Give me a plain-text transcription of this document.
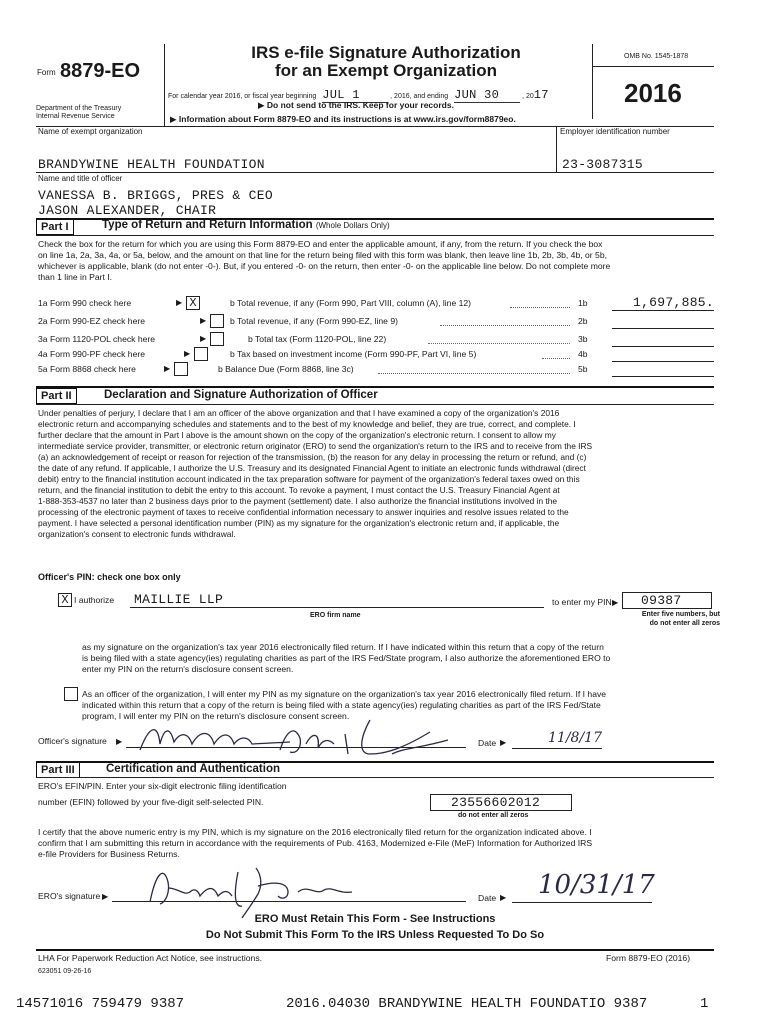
Form 8879-EO
IRS e-file Signature Authorization
for an Exempt Organization
OMB No. 1545-1878
2016
For calendar year 2016, or fiscal year beginning JUL 1	, 2016, and ending JUN 30	, 2017
▶ Do not send to the IRS. Keep for your records.
▶ Information about Form 8879-EO and its instructions is at www.irs.gov/form8879eo.
Department of the Treasury
Internal Revenue Service
Name of exempt organization	Employer identification number
BRANDYWINE HEALTH FOUNDATION	23-3087315
Name and title of officer
VANESSA B. BRIGGS, PRES & CEO
JASON ALEXANDER, CHAIR
Part I	Type of Return and Return Information (Whole Dollars Only)
Check the box for the return for which you are using this Form 8879-EO and enter the applicable amount, if any, from the return. If you check the box
on line 1a, 2a, 3a, 4a, or 5a, below, and the amount on that line for the return being filed with this form was blank, then leave line 1b, 2b, 3b, 4b, or 5b,
whichever is applicable, blank (do not enter -0-). But, if you entered -0- on the return, then enter -0- on the applicable line below. Do not complete more
than 1 line in Part I.
1a Form 990 check here	▶ X	b Total revenue, if any (Form 990, Part VIII, column (A), line 12)	1b	1,697,885.
2a Form 990-EZ check here	▶	b Total revenue, if any (Form 990-EZ, line 9)	2b
3a Form 1120-POL check here	▶	b Total tax (Form 1120-POL, line 22)	3b
4a Form 990-PF check here	▶	b Tax based on investment income (Form 990-PF, Part VI, line 5)	4b
5a Form 8868 check here	▶	b Balance Due (Form 8868, line 3c)	5b
Part II	Declaration and Signature Authorization of Officer
Under penalties of perjury, I declare that I am an officer of the above organization and that I have examined a copy of the organization's 2016
electronic return and accompanying schedules and statements and to the best of my knowledge and belief, they are true, correct, and complete. I
further declare that the amount in Part I above is the amount shown on the copy of the organization's electronic return. I consent to allow my
intermediate service provider, transmitter, or electronic return originator (ERO) to send the organization's return to the IRS and to receive from the IRS
(a) an acknowledgement of receipt or reason for rejection of the transmission, (b) the reason for any delay in processing the return or refund, and (c)
the date of any refund. If applicable, I authorize the U.S. Treasury and its designated Financial Agent to initiate an electronic funds withdrawal (direct
debit) entry to the financial institution account indicated in the tax preparation software for payment of the organization's federal taxes owed on this
return, and the financial institution to debit the entry to this account. To revoke a payment, I must contact the U.S. Treasury Financial Agent at
1-888-353-4537 no later than 2 business days prior to the payment (settlement) date. I also authorize the financial institutions involved in the
processing of the electronic payment of taxes to receive confidential information necessary to answer inquiries and resolve issues related to the
payment. I have selected a personal identification number (PIN) as my signature for the organization's electronic return and, if applicable, the
organization's consent to electronic funds withdrawal.
Officer's PIN: check one box only
X I authorize MAILLIE LLP	to enter my PIN ▶ 09387
ERO firm name	Enter five numbers, but
do not enter all zeros
as my signature on the organization's tax year 2016 electronically filed return. If I have indicated within this return that a copy of the return
is being filed with a state agency(ies) regulating charities as part of the IRS Fed/State program, I also authorize the aforementioned ERO to
enter my PIN on the return's disclosure consent screen.
As an officer of the organization, I will enter my PIN as my signature on the organization's tax year 2016 electronically filed return. If I have
indicated within this return that a copy of the return is being filed with a state agency(ies) regulating charities as part of the IRS Fed/State
program, I will enter my PIN on the return's disclosure consent screen.
Officer's signature ▶	Date ▶	11/8/17
Part III	Certification and Authentication
ERO's EFIN/PIN. Enter your six-digit electronic filing identification
number (EFIN) followed by your five-digit self-selected PIN.	23556602012
do not enter all zeros
I certify that the above numeric entry is my PIN, which is my signature on the 2016 electronically filed return for the organization indicated above. I
confirm that I am submitting this return in accordance with the requirements of Pub. 4163, Modernized e-File (MeF) Information for Authorized IRS
e-file Providers for Business Returns.
ERO's signature ▶	Date ▶ 10/31/17
ERO Must Retain This Form - See Instructions
Do Not Submit This Form To the IRS Unless Requested To Do So
LHA For Paperwork Reduction Act Notice, see instructions.	Form 8879-EO (2016)
623051 09-26-16
14571016 759479 9387	2016.04030 BRANDYWINE HEALTH FOUNDATIO 9387	1
